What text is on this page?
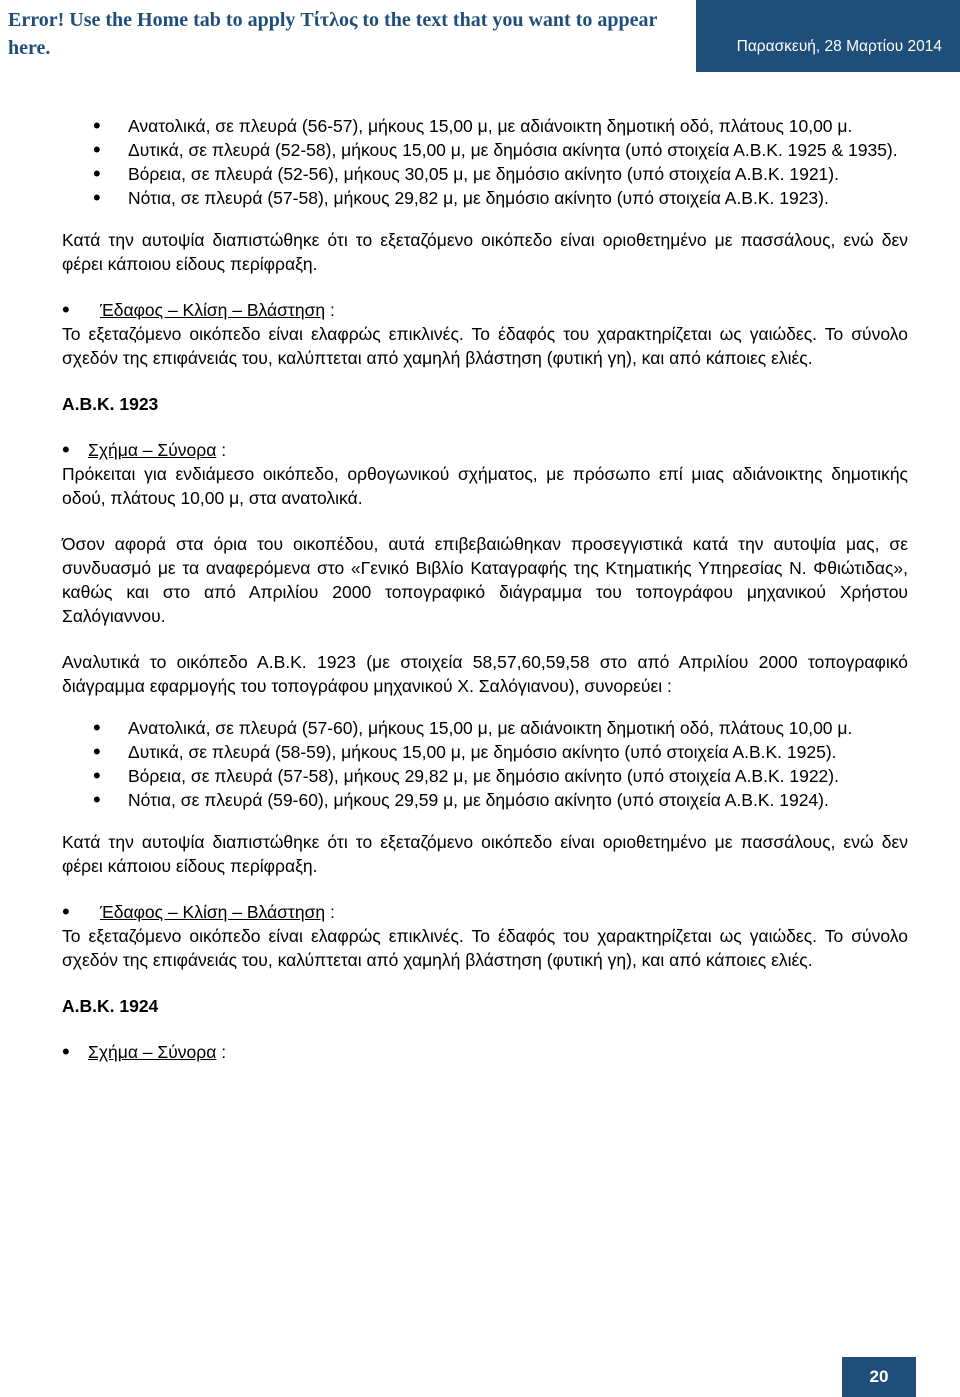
Error! Use the Home tab to apply Τίτλος to the text that you want to appear here.	Παρασκευή, 28 Μαρτίου 2014
• Ανατολικά, σε πλευρά (56-57), μήκους 15,00 μ, με αδιάνοικτη δημοτική οδό, πλάτους 10,00 μ.
• Δυτικά, σε πλευρά (52-58), μήκους 15,00 μ, με δημόσια ακίνητα (υπό στοιχεία Α.Β.Κ. 1925 & 1935).
• Βόρεια, σε πλευρά (52-56), μήκους 30,05 μ, με δημόσιο ακίνητο (υπό στοιχεία Α.Β.Κ. 1921).
• Νότια, σε πλευρά (57-58), μήκους 29,82 μ, με δημόσιο ακίνητο (υπό στοιχεία Α.Β.Κ. 1923).

Κατά την αυτοψία διαπιστώθηκε ότι το εξεταζόμενο οικόπεδο είναι οριοθετημένο με πασσάλους, ενώ δεν φέρει κάποιου είδους περίφραξη.

• Έδαφος – Κλίση – Βλάστηση :

Το εξεταζόμενο οικόπεδο είναι ελαφρώς επικλινές. Το έδαφός του χαρακτηρίζεται ως γαιώδες. Το σύνολο σχεδόν της επιφάνειάς του, καλύπτεται από χαμηλή βλάστηση (φυτική γη), και από κάποιες ελιές.

Α.Β.Κ. 1923

• Σχήμα – Σύνορα :

Πρόκειται για ενδιάμεσο οικόπεδο, ορθογωνικού σχήματος, με πρόσωπο επί μιας αδιάνοικτης δημοτικής οδού, πλάτους 10,00 μ, στα ανατολικά.

Όσον αφορά στα όρια του οικοπέδου, αυτά επιβεβαιώθηκαν προσεγγιστικά κατά την αυτοψία μας, σε συνδυασμό με τα αναφερόμενα στο «Γενικό Βιβλίο Καταγραφής της Κτηματικής Υπηρεσίας Ν. Φθιώτιδας», καθώς και στο από Απριλίου 2000 τοπογραφικό διάγραμμα του τοπογράφου μηχανικού Χρήστου Σαλόγιαννου.

Αναλυτικά το οικόπεδο Α.Β.Κ. 1923 (με στοιχεία 58,57,60,59,58 στο από Απριλίου 2000 τοπογραφικό διάγραμμα εφαρμογής του τοπογράφου μηχανικού Χ. Σαλόγιανου), συνορεύει :

• Ανατολικά, σε πλευρά (57-60), μήκους 15,00 μ, με αδιάνοικτη δημοτική οδό, πλάτους 10,00 μ.
• Δυτικά, σε πλευρά (58-59), μήκους 15,00 μ, με δημόσιο ακίνητο (υπό στοιχεία Α.Β.Κ. 1925).
• Βόρεια, σε πλευρά (57-58), μήκους 29,82 μ, με δημόσιο ακίνητο (υπό στοιχεία Α.Β.Κ. 1922).
• Νότια, σε πλευρά (59-60), μήκους 29,59 μ, με δημόσιο ακίνητο (υπό στοιχεία Α.Β.Κ. 1924).

Κατά την αυτοψία διαπιστώθηκε ότι το εξεταζόμενο οικόπεδο είναι οριοθετημένο με πασσάλους, ενώ δεν φέρει κάποιου είδους περίφραξη.

• Έδαφος – Κλίση – Βλάστηση :

Το εξεταζόμενο οικόπεδο είναι ελαφρώς επικλινές. Το έδαφός του χαρακτηρίζεται ως γαιώδες. Το σύνολο σχεδόν της επιφάνειάς του, καλύπτεται από χαμηλή βλάστηση (φυτική γη), και από κάποιες ελιές.

Α.Β.Κ. 1924

• Σχήμα – Σύνορα :

20
